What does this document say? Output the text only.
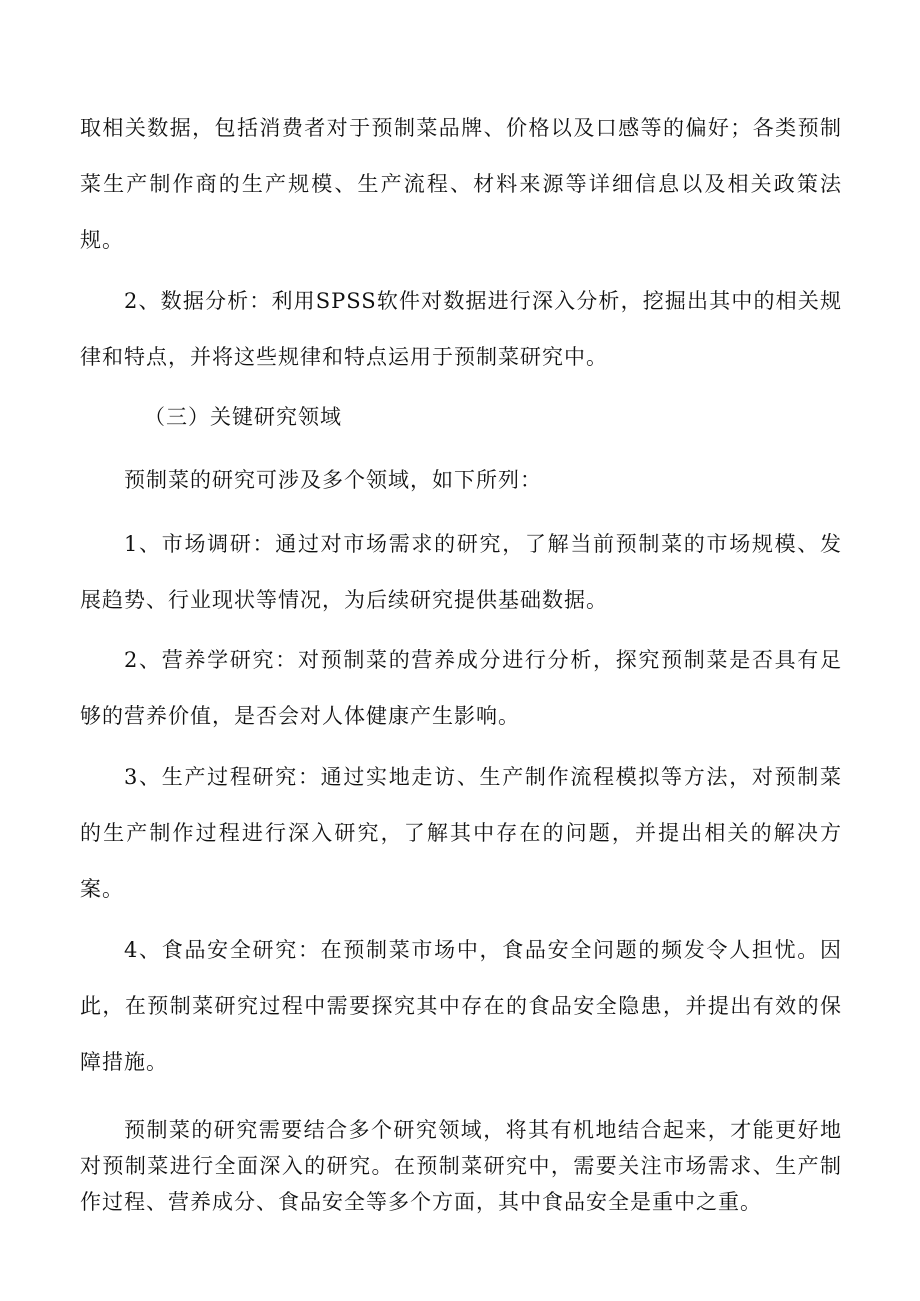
取相关数据，包括消费者对于预制菜品牌、价格以及口感等的偏好；各类预制菜生产制作商的生产规模、生产流程、材料来源等详细信息以及相关政策法规。

2、数据分析：利用SPSS软件对数据进行深入分析，挖掘出其中的相关规律和特点，并将这些规律和特点运用于预制菜研究中。

（三）关键研究领域

预制菜的研究可涉及多个领域，如下所列：

1、市场调研：通过对市场需求的研究，了解当前预制菜的市场规模、发展趋势、行业现状等情况，为后续研究提供基础数据。

2、营养学研究：对预制菜的营养成分进行分析，探究预制菜是否具有足够的营养价值，是否会对人体健康产生影响。

3、生产过程研究：通过实地走访、生产制作流程模拟等方法，对预制菜的生产制作过程进行深入研究，了解其中存在的问题，并提出相关的解决方案。

4、食品安全研究：在预制菜市场中，食品安全问题的频发令人担忧。因此，在预制菜研究过程中需要探究其中存在的食品安全隐患，并提出有效的保障措施。

预制菜的研究需要结合多个研究领域，将其有机地结合起来，才能更好地对预制菜进行全面深入的研究。在预制菜研究中，需要关注市场需求、生产制作过程、营养成分、食品安全等多个方面，其中食品安全是重中之重。
